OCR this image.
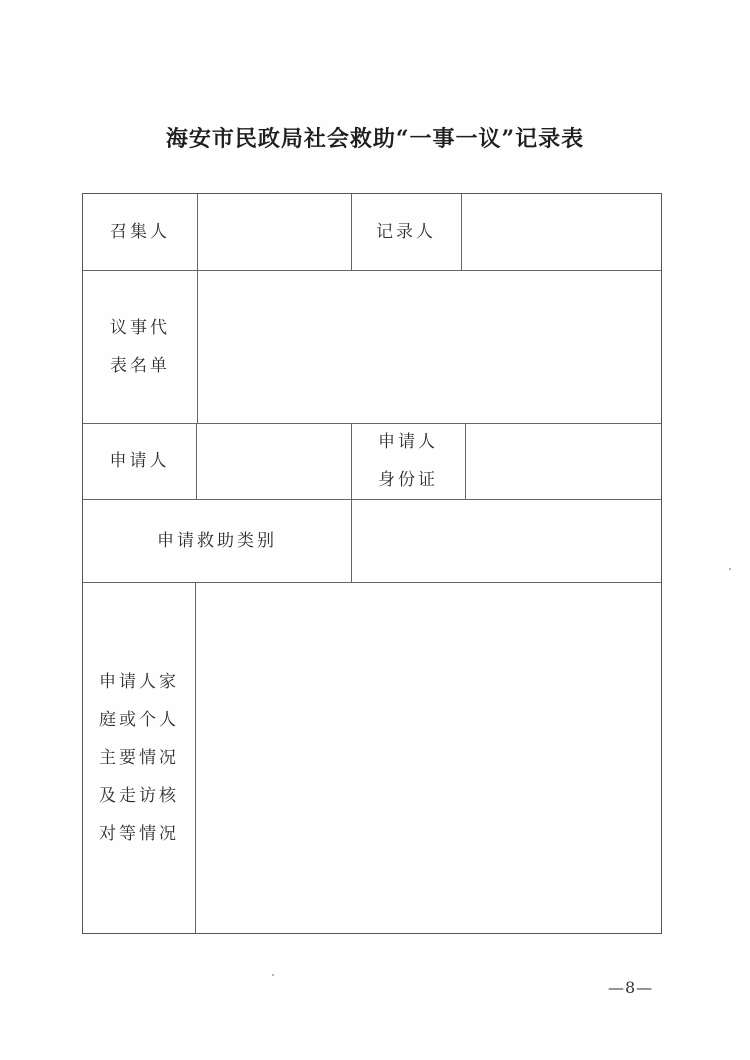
海安市民政局社会救助“一事一议”记录表
召集人	记录人
议事代
表名单
申请人
申请人
身份证
申请救助类别
申请人家
庭或个人
主要情况
及走访核
对等情况
—8—
